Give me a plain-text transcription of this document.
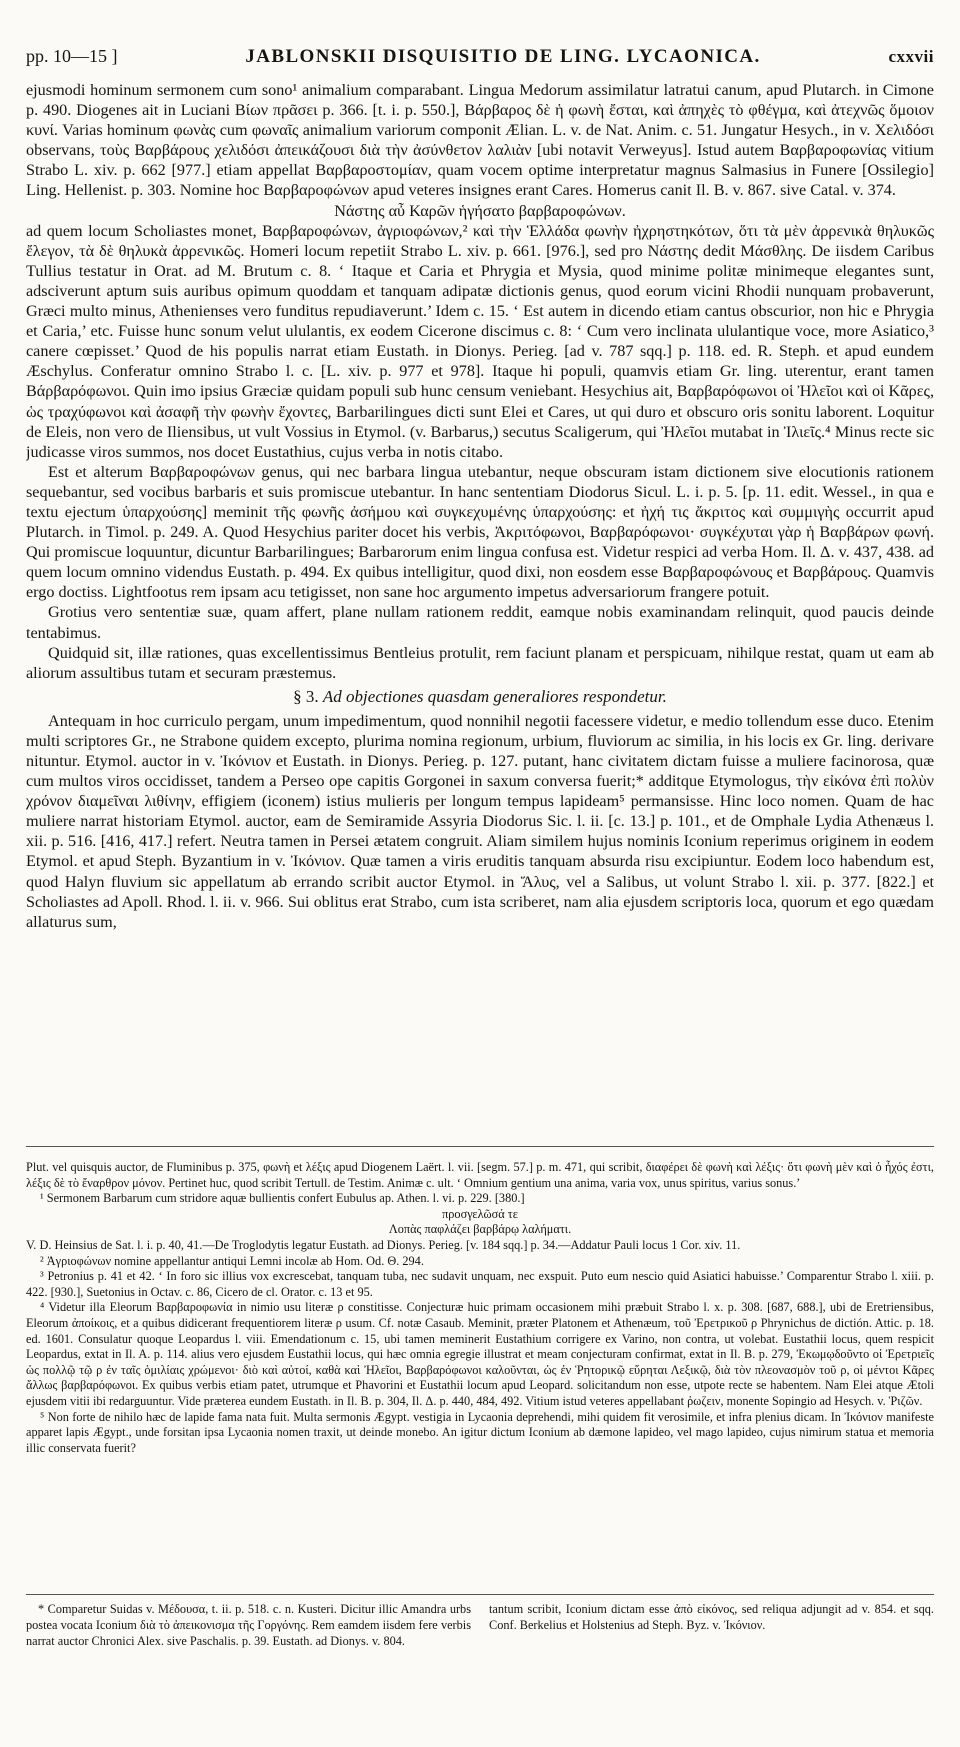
pp. 10—15 ]	JABLONSKII DISQUISITIO DE LING. LYCAONICA.	cxxvii

ejusmodi hominum sermonem cum sono¹ animalium comparabant. Lingua Medorum assimilatur latratui canum, apud Plutarch. in Cimone p. 490. Diogenes ait in Luciani Βίων πρᾶσει p. 366. [t. i. p. 550.], Βάρβαρος δὲ ἡ φωνὴ ἔσται, καὶ ἀπηχὲς τὸ φθέγμα, καὶ ἀτεχνῶς ὅμοιον κυνί. Varias hominum φωνὰς cum φωναῖς animalium variorum componit Ælian. L. v. de Nat. Anim. c. 51. Jungatur Hesych., in v. Χελιδόσι observans, τοὺς Βαρβάρους χελιδόσι ἀπεικάζουσι διὰ τὴν ἀσύνθετον λαλιὰν [ubi notavit Verweyus]. Istud autem Βαρβαροφωνίας vitium Strabo L. xiv. p. 662 [977.] etiam appellat Βαρβαροστομίαν, quam vocem optime interpretatur magnus Salmasius in Funere [Ossilegio] Ling. Hellenist. p. 303. Nomine hoc Βαρβαροφώνων apud veteres insignes erant Cares. Homerus canit Il. B. v. 867. sive Catal. v. 374.

Νάστης αὖ Καρῶν ἡγήσατο βαρβαροφώνων.

ad quem locum Scholiastes monet, Βαρβαροφώνων, ἀγριοφώνων,² καὶ τὴν Ἑλλάδα φωνὴν ἠχρηστηκότων, ὅτι τὰ μὲν ἀρρενικὰ θηλυκῶς ἔλεγον, τὰ δὲ θηλυκὰ ἀρρενικῶς. Homeri locum repetiit Strabo L. xiv. p. 661. [976.], sed pro Νάστης dedit Μάσθλης. De iisdem Caribus Tullius testatur in Orat. ad M. Brutum c. 8. ‘ Itaque et Caria et Phrygia et Mysia, quod minime politæ minimeque elegantes sunt, adsciverunt aptum suis auribus opimum quoddam et tanquam adipatæ dictionis genus, quod eorum vicini Rhodii nunquam probaverunt, Græci multo minus, Athenienses vero funditus repudiaverunt.’ Idem c. 15. ‘ Est autem in dicendo etiam cantus obscurior, non hic e Phrygia et Caria,’ etc. Fuisse hunc sonum velut ululantis, ex eodem Cicerone discimus c. 8: ‘ Cum vero inclinata ululantique voce, more Asiatico,³ canere cœpisset.’ Quod de his populis narrat etiam Eustath. in Dionys. Perieg. [ad v. 787 sqq.] p. 118. ed. R. Steph. et apud eundem Æschylus. Conferatur omnino Strabo l. c. [L. xiv. p. 977 et 978]. Itaque hi populi, quamvis etiam Gr. ling. uterentur, erant tamen Βάρβαρόφωνοι. Quin imo ipsius Græciæ quidam populi sub hunc censum veniebant. Hesychius ait, Βαρβαρόφωνοι οἱ Ἠλεῖοι καὶ οἱ Κᾶρες, ὡς τραχύφωνοι καὶ ἀσαφῆ τὴν φωνὴν ἔχοντες, Barbarilingues dicti sunt Elei et Cares, ut qui duro et obscuro oris sonitu laborent. Loquitur de Eleis, non vero de Iliensibus, ut vult Vossius in Etymol. (v. Barbarus,) secutus Scaligerum, qui Ἠλεῖοι mutabat in Ἰλιεῖς.⁴ Minus recte sic judicasse viros summos, nos docet Eustathius, cujus verba in notis citabo.

Est et alterum Βαρβαροφώνων genus, qui nec barbara lingua utebantur, neque obscuram istam dictionem sive elocutionis rationem sequebantur, sed vocibus barbaris et suis promiscue utebantur. In hanc sententiam Diodorus Sicul. L. i. p. 5. [p. 11. edit. Wessel., in qua e textu ejectum ὑπαρχούσης] meminit τῆς φωνῆς ἀσήμου καὶ συγκεχυμένης ὑπαρχούσης: et ἠχή τις ἄκριτος καὶ συμμιγὴς occurrit apud Plutarch. in Timol. p. 249. A. Quod Hesychius pariter docet his verbis, Ἀκριτόφωνοι, Βαρβαρόφωνοι· συγκέχυται γὰρ ἡ Βαρβάρων φωνή. Qui promiscue loquuntur, dicuntur Barbarilingues; Barbarorum enim lingua confusa est. Videtur respici ad verba Hom. Il. Δ. v. 437, 438. ad quem locum omnino videndus Eustath. p. 494. Ex quibus intelligitur, quod dixi, non eosdem esse Βαρβαροφώνους et Βαρβάρους. Quamvis ergo doctiss. Lightfootus rem ipsam acu tetigisset, non sane hoc argumento impetus adversariorum frangere potuit.

Grotius vero sententiæ suæ, quam affert, plane nullam rationem reddit, eamque nobis examinandam relinquit, quod paucis deinde tentabimus.

Quidquid sit, illæ rationes, quas excellentissimus Bentleius protulit, rem faciunt planam et perspicuam, nihilque restat, quam ut eam ab aliorum assultibus tutam et securam præstemus.

§ 3. Ad objectiones quasdam generaliores respondetur.

Antequam in hoc curriculo pergam, unum impedimentum, quod nonnihil negotii facessere videtur, e medio tollendum esse duco. Etenim multi scriptores Gr., ne Strabone quidem excepto, plurima nomina regionum, urbium, fluviorum ac similia, in his locis ex Gr. ling. derivare nituntur. Etymol. auctor in v. Ἰκόνιον et Eustath. in Dionys. Perieg. p. 127. putant, hanc civitatem dictam fuisse a muliere facinorosa, quæ cum multos viros occidisset, tandem a Perseo ope capitis Gorgonei in saxum conversa fuerit;* additque Etymologus, τὴν εἰκόνα ἐπὶ πολὺν χρόνον διαμεῖναι λιθίνην, effigiem (iconem) istius mulieris per longum tempus lapideam⁵ permansisse. Hinc loco nomen. Quam de hac muliere narrat historiam Etymol. auctor, eam de Semiramide Assyria Diodorus Sic. l. ii. [c. 13.] p. 101., et de Omphale Lydia Athenæus l. xii. p. 516. [416, 417.] refert. Neutra tamen in Persei ætatem congruit. Aliam similem hujus nominis Iconium reperimus originem in eodem Etymol. et apud Steph. Byzantium in v. Ἰκόνιον. Quæ tamen a viris eruditis tanquam absurda risu excipiuntur. Eodem loco habendum est, quod Halyn fluvium sic appellatum ab errando scribit auctor Etymol. in Ἅλυς, vel a Salibus, ut volunt Strabo l. xii. p. 377. [822.] et Scholiastes ad Apoll. Rhod. l. ii. v. 966. Sui oblitus erat Strabo, cum ista scriberet, nam alia ejusdem scriptoris loca, quorum et ego quædam allaturus sum,

Plut. vel quisquis auctor, de Fluminibus p. 375, φωνὴ et λέξις apud Diogenem Laërt. l. vii. [segm. 57.] p. m. 471, qui scribit, διαφέρει δὲ φωνὴ καὶ λέξις· ὅτι φωνὴ μὲν καὶ ὁ ἦχός ἐστι, λέξις δὲ τὸ ἔναρθρον μόνον. Pertinet huc, quod scribit Tertull. de Testim. Animæ c. ult. ‘ Omnium gentium una anima, varia vox, unus spiritus, varius sonus.’

¹ Sermonem Barbarum cum stridore aquæ bullientis confert Eubulus ap. Athen. l. vi. p. 229. [380.]

προσγελῶσά τε

Λοπὰς παφλάζει βαρβάρῳ λαλήματι.

V. D. Heinsius de Sat. l. i. p. 40, 41.—De Troglodytis legatur Eustath. ad Dionys. Perieg. [v. 184 sqq.] p. 34.—Addatur Pauli locus 1 Cor. xiv. 11.

² Ἀγριοφώνων nomine appellantur antiqui Lemni incolæ ab Hom. Od. Θ. 294.

³ Petronius p. 41 et 42. ‘ In foro sic illius vox excrescebat, tanquam tuba, nec sudavit unquam, nec exspuit. Puto eum nescio quid Asiatici habuisse.’ Comparentur Strabo l. xiii. p. 422. [930.], Suetonius in Octav. c. 86, Cicero de cl. Orator. c. 13 et 95.

⁴ Videtur illa Eleorum Βαρβαροφωνία in nimio usu literæ ρ constitisse. Conjecturæ huic primam occasionem mihi præbuit Strabo l. x. p. 308. [687, 688.], ubi de Eretriensibus, Eleorum ἀποίκοις, et a quibus didicerant frequentiorem literæ ρ usum. Cf. notæ Casaub. Meminit, præter Platonem et Athenæum, τοῦ Ἐρετρικοῦ ρ Phrynichus de dictión. Attic. p. 18. ed. 1601. Consulatur quoque Leopardus l. viii. Emendationum c. 15, ubi tamen meminerit Eustathium corrigere ex Varino, non contra, ut volebat. Eustathii locus, quem respicit Leopardus, extat in Il. A. p. 114. alius vero ejusdem Eustathii locus, qui hæc omnia egregie illustrat et meam conjecturam confirmat, extat in Il. B. p. 279, Ἐκωμῳδοῦντο οἱ Ἐρετριεῖς ὡς πολλῷ τῷ ρ ἐν ταῖς ὁμιλίαις χρώμενοι· διὸ καὶ αὐτοί, καθὰ καὶ Ἠλεῖοι, Βαρβαρόφωνοι καλοῦνται, ὡς ἐν Ῥητορικῷ εὕρηται Λεξικῷ, διὰ τὸν πλεονασμὸν τοῦ ρ, οἱ μέντοι Κᾶρες ἄλλως βαρβαρόφωνοι. Ex quibus verbis etiam patet, utrumque et Phavorini et Eustathii locum apud Leopard. solicitandum non esse, utpote recte se habentem. Nam Elei atque Ætoli ejusdem vitii ibi redarguuntur. Vide præterea eundem Eustath. in Il. B. p. 304, Il. Δ. p. 440, 484, 492. Vitium istud veteres appellabant ῥωζειν, monente Sopingio ad Hesych. v. Ῥιζῶν.

⁵ Non forte de nihilo hæc de lapide fama nata fuit. Multa sermonis Ægypt. vestigia in Lycaonia deprehendi, mihi quidem fit verosimile, et infra plenius dicam. In Ἰκόνιον manifeste apparet lapis Ægypt., unde forsitan ipsa Lycaonia nomen traxit, ut deinde monebo. An igitur dictum Iconium ab dæmone lapideo, vel mago lapideo, cujus nimirum statua et memoria illic conservata fuerit?

* Comparetur Suidas v. Μέδουσα, t. ii. p. 518. c. n. Kusteri. Dicitur illic Amandra urbs postea vocata Iconium διὰ τὸ ἀπεικονισμα τῆς Γοργόνης. Rem eamdem iisdem fere verbis narrat auctor Chronici Alex. sive Paschalis. p. 39. Eustath. ad Dionys. v. 804.

tantum scribit, Iconium dictam esse ἀπὸ εἰκόνος, sed reliqua adjungit ad v. 854. et sqq. Conf. Berkelius et Holstenius ad Steph. Byz. v. Ἰκόνιον.
